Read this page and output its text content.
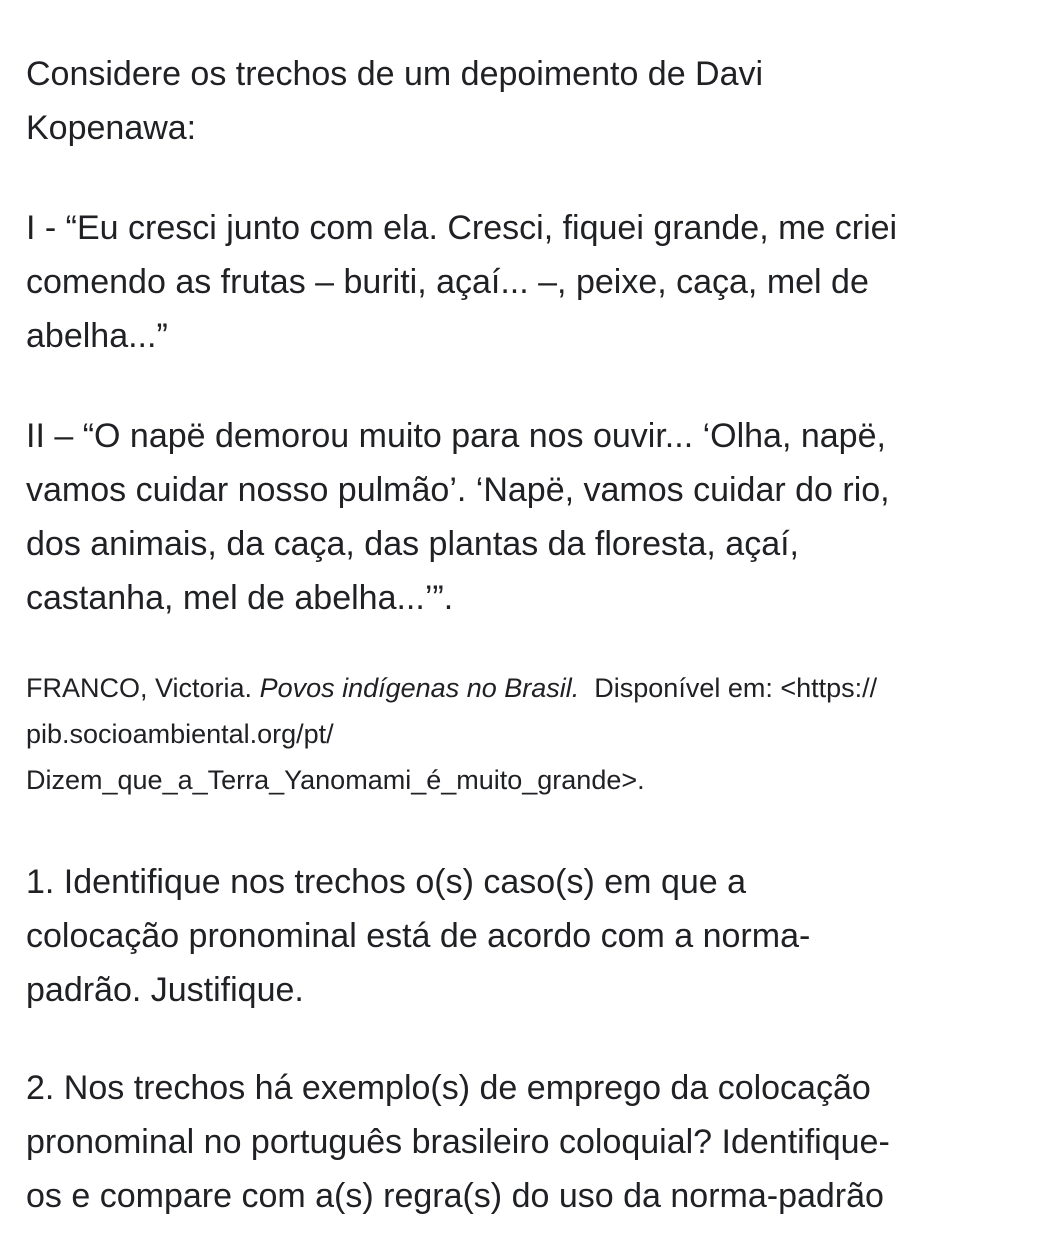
Considere os trechos de um depoimento de Davi
Kopenawa:
I - “Eu cresci junto com ela. Cresci, fiquei grande, me criei
comendo as frutas – buriti, açaí... –, peixe, caça, mel de
abelha...”
II – “O napë demorou muito para nos ouvir... ‘Olha, napë,
vamos cuidar nosso pulmão’. ‘Napë, vamos cuidar do rio,
dos animais, da caça, das plantas da floresta, açaí,
castanha, mel de abelha...’”.
FRANCO, Victoria. Povos indígenas no Brasil.  Disponível em: <https://
pib.socioambiental.org/pt/
Dizem_que_a_Terra_Yanomami_é_muito_grande>.
1. Identifique nos trechos o(s) caso(s) em que a
colocação pronominal está de acordo com a norma-
padrão. Justifique.
2. Nos trechos há exemplo(s) de emprego da colocação
pronominal no português brasileiro coloquial? Identifique-
os e compare com a(s) regra(s) do uso da norma-padrão
